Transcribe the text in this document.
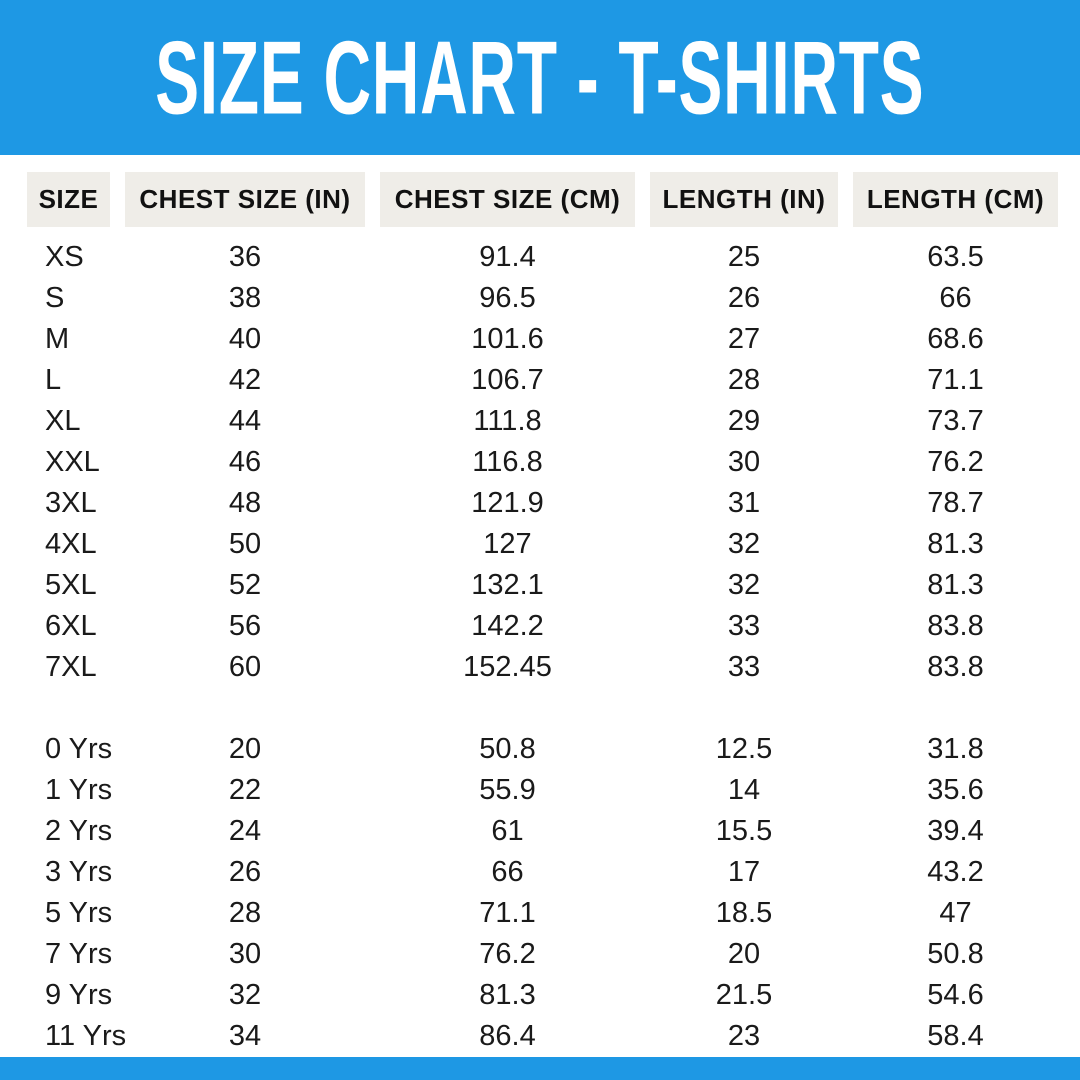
SIZE CHART - T-SHIRTS
SIZE	CHEST SIZE (IN)	CHEST SIZE (CM)	LENGTH (IN)	LENGTH (CM)
XS	36	91.4	25	63.5
S	38	96.5	26	66
M	40	101.6	27	68.6
L	42	106.7	28	71.1
XL	44	111.8	29	73.7
XXL	46	116.8	30	76.2
3XL	48	121.9	31	78.7
4XL	50	127	32	81.3
5XL	52	132.1	32	81.3
6XL	56	142.2	33	83.8
7XL	60	152.45	33	83.8
0 Yrs	20	50.8	12.5	31.8
1 Yrs	22	55.9	14	35.6
2 Yrs	24	61	15.5	39.4
3 Yrs	26	66	17	43.2
5 Yrs	28	71.1	18.5	47
7 Yrs	30	76.2	20	50.8
9 Yrs	32	81.3	21.5	54.6
11 Yrs	34	86.4	23	58.4
